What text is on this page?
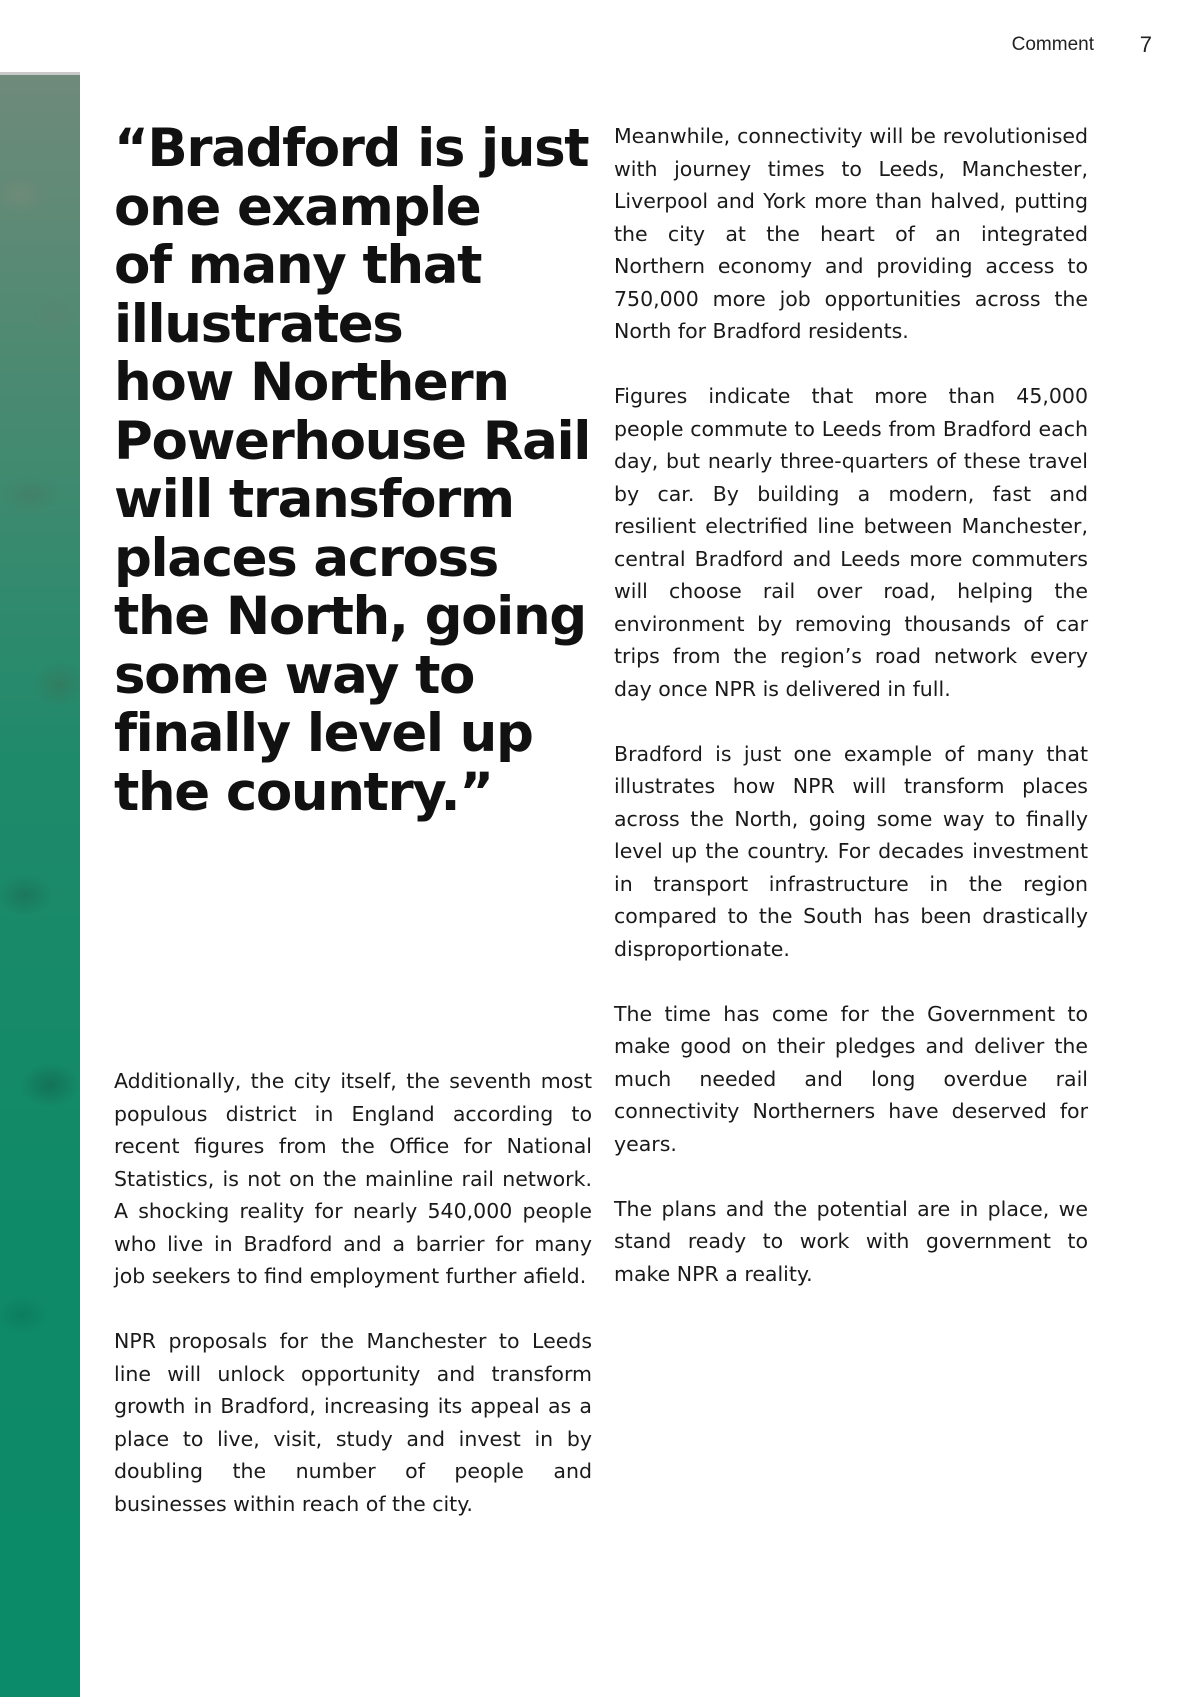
Comment 7
“Bradford is just
one example
of many that
illustrates
how Northern
Powerhouse Rail
will transform
places across
the North, going
some way to
finally level up
the country.”

Additionally, the city itself, the seventh most populous district in England according to recent figures from the Office for National Statistics, is not on the mainline rail network. A shocking reality for nearly 540,000 people who live in Bradford and a barrier for many job seekers to find employment further afield.

NPR proposals for the Manchester to Leeds line will unlock opportunity and transform growth in Bradford, increasing its appeal as a place to live, visit, study and invest in by doubling the number of people and businesses within reach of the city.

Meanwhile, connectivity will be revolutionised with journey times to Leeds, Manchester, Liverpool and York more than halved, putting the city at the heart of an integrated Northern economy and providing access to 750,000 more job opportunities across the North for Bradford residents.

Figures indicate that more than 45,000 people commute to Leeds from Bradford each day, but nearly three-quarters of these travel by car. By building a modern, fast and resilient electrified line between Manchester, central Bradford and Leeds more commuters will choose rail over road, helping the environment by removing thousands of car trips from the region’s road network every day once NPR is delivered in full.

Bradford is just one example of many that illustrates how NPR will transform places across the North, going some way to finally level up the country. For decades investment in transport infrastructure in the region compared to the South has been drastically disproportionate.

The time has come for the Government to make good on their pledges and deliver the much needed and long overdue rail connectivity Northerners have deserved for years.

The plans and the potential are in place, we stand ready to work with government to make NPR a reality.
